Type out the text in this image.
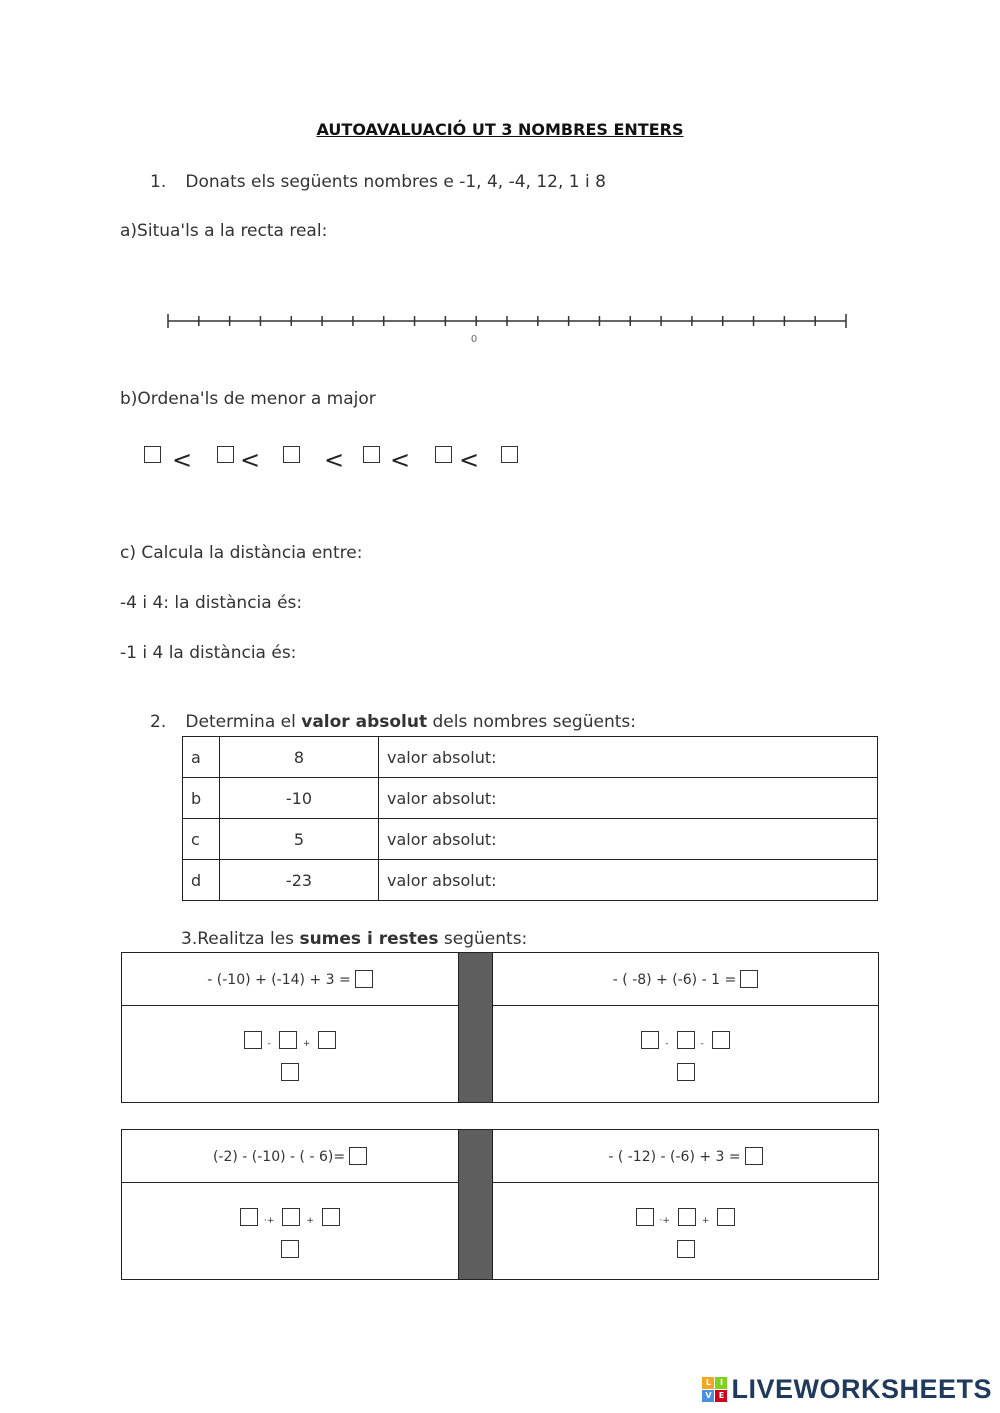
AUTOAVALUACIÓ UT 3 NOMBRES ENTERS
1. Donats els següents nombres e -1, 4, -4, 12, 1 i 8
a)Situa'ls a la recta real:
0
b)Ordena'ls de menor a major
< <	< < <
c) Calcula la distància entre:
-4 i 4: la distància és:
-1 i 4 la distància és:
2. Determina el valor absolut dels nombres següents:
a	8	valor absolut:
b	-10	valor absolut:
c	5	valor absolut:
d	-23	valor absolut:
3.Realitza les sumes i restes següents:
- (-10) + (-14) + 3 =		- ( -8) + (-6) - 1 =

- +		- -
(-2) - (-10) - ( - 6)=		- ( -12) - (-6) + 3 =

·+ +		·+ +
L	I
V E LIVEWORKSHEETS
